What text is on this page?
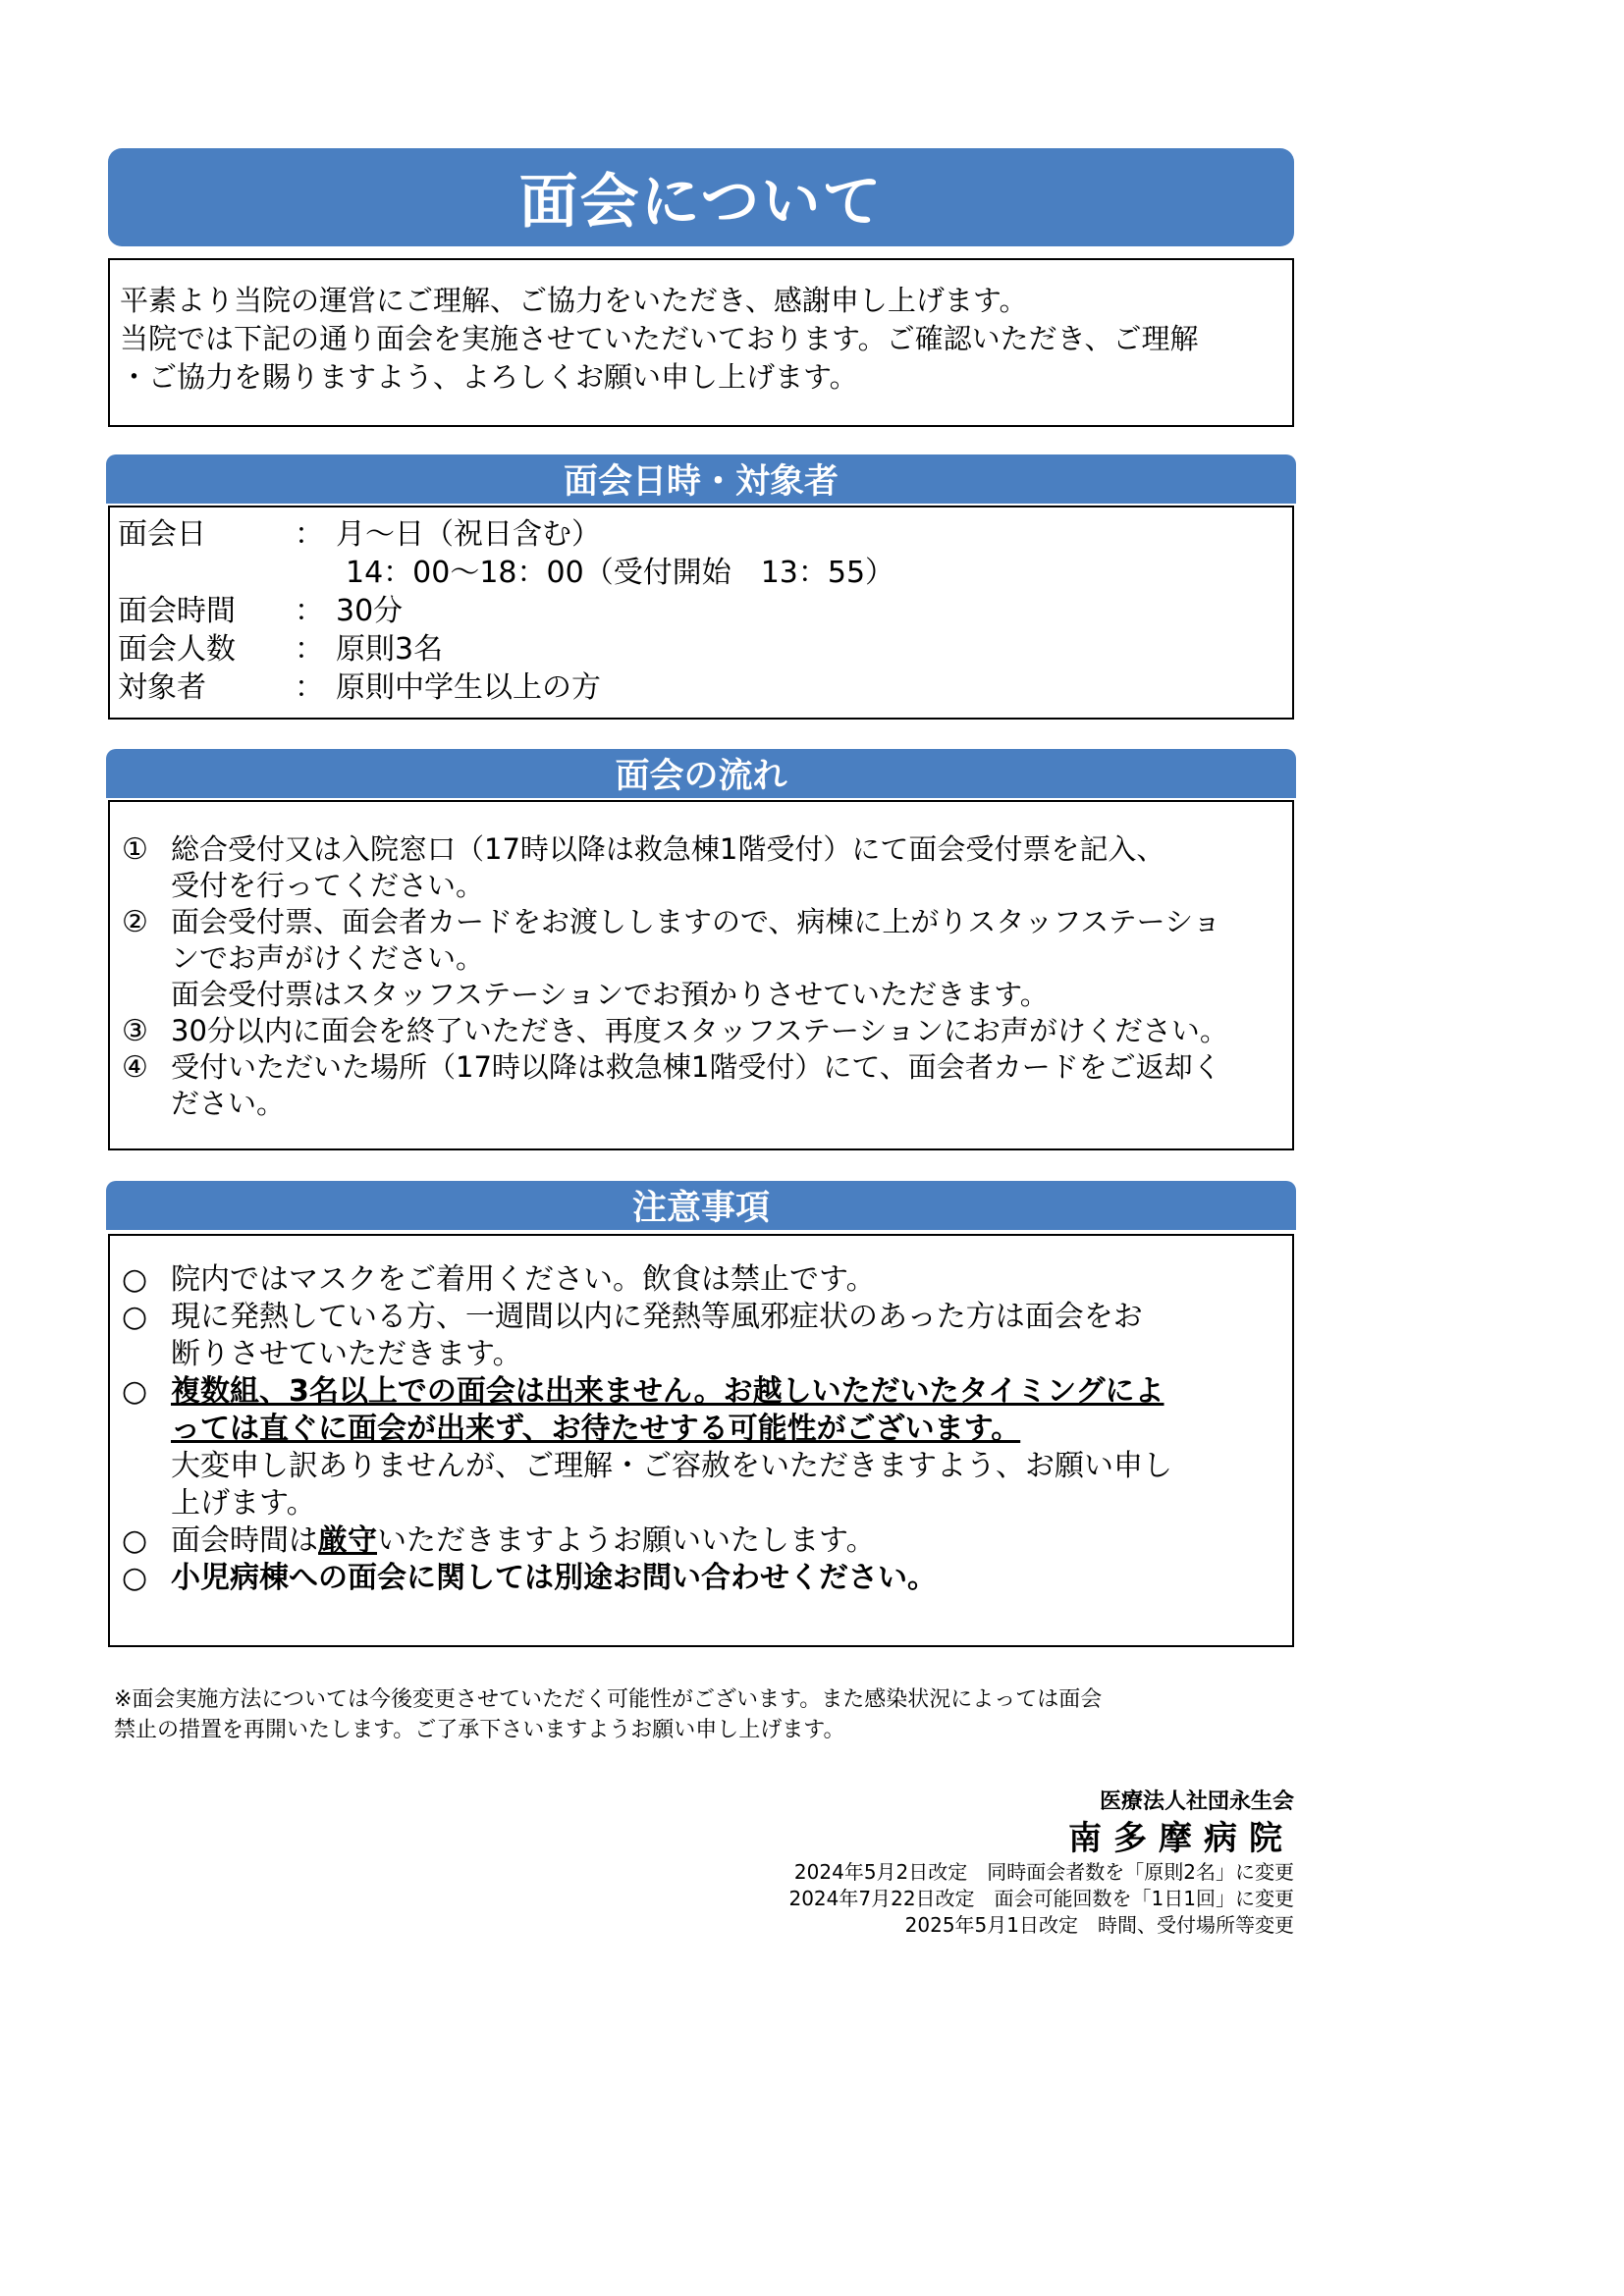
面会について

平素より当院の運営にご理解、ご協力をいただき、感謝申し上げます。

当院では下記の通り面会を実施させていただいております。ご確認いただき、ご理解

・ご協力を賜りますよう、よろしくお願い申し上げます。

面会日時・対象者
面会日	： 月～日（祝日含む）
14：00～18：00（受付開始　13：55）
面会時間	： 30分
面会人数	： 原則3名
対象者	： 原則中学生以上の方
面会の流れ
① 総合受付又は入院窓口（17時以降は救急棟1階受付）にて面会受付票を記入、
受付を行ってください。
② 面会受付票、面会者カードをお渡ししますので、病棟に上がりスタッフステーショ
ンでお声がけください。
面会受付票はスタッフステーションでお預かりさせていただきます。
③ 30分以内に面会を終了いただき、再度スタッフステーションにお声がけください。
④ 受付いただいた場所（17時以降は救急棟1階受付）にて、面会者カードをご返却く
ださい。
注意事項
○ 院内ではマスクをご着用ください。飲食は禁止です。
○ 現に発熱している方、一週間以内に発熱等風邪症状のあった方は面会をお
断りさせていただきます。
○ 複数組、3名以上での面会は出来ません。お越しいただいたタイミングによ
っては直ぐに面会が出来ず、お待たせする可能性がございます。
大変申し訳ありませんが、ご理解・ご容赦をいただきますよう、お願い申し
上げます。
○ 面会時間は厳守いただきますようお願いいたします。
○ 小児病棟への面会に関しては別途お問い合わせください。
※面会実施方法については今後変更させていただく可能性がございます。また感染状況によっては面会
禁止の措置を再開いたします。ご了承下さいますようお願い申し上げます。
医療法人社団永生会
南多摩病院
2024年5月2日改定　同時面会者数を「原則2名」に変更
2024年7月22日改定　面会可能回数を「1日1回」に変更
2025年5月1日改定　時間、受付場所等変更
